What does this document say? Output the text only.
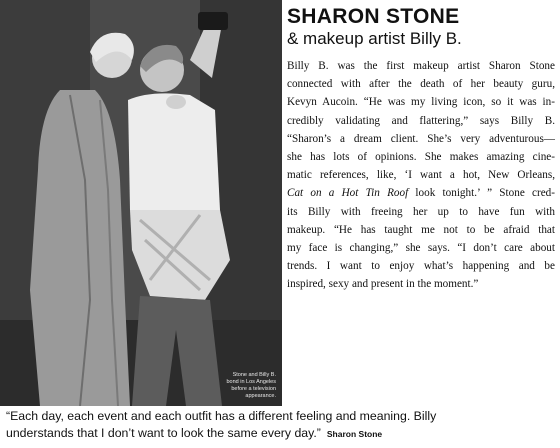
Stone and Billy B.
bond in Los Angeles
before a television
appearance.
SHARON STONE
& makeup artist Billy B.
Billy B. was the first makeup artist Sharon Stone
connected with after the death of her beauty guru,
Kevyn Aucoin. “He was my living icon, so it was in-
credibly validating and flattering,” says Billy B.
“Sharon’s a dream client. She’s very adventurous—
she has lots of opinions. She makes amazing cine-
matic references, like, ‘I want a hot, New Orleans,
Cat on a Hot Tin Roof look tonight.’ ” Stone cred-
its Billy with freeing her up to have fun with
makeup. “He has taught me not to be afraid that
my face is changing,” she says. “I don’t care about
trends. I want to enjoy what’s happening and be
inspired, sexy and present in the moment.”
“Each day, each event and each outfit has a different feeling and meaning. Billy
understands that I don’t want to look the same every day.” Sharon Stone
